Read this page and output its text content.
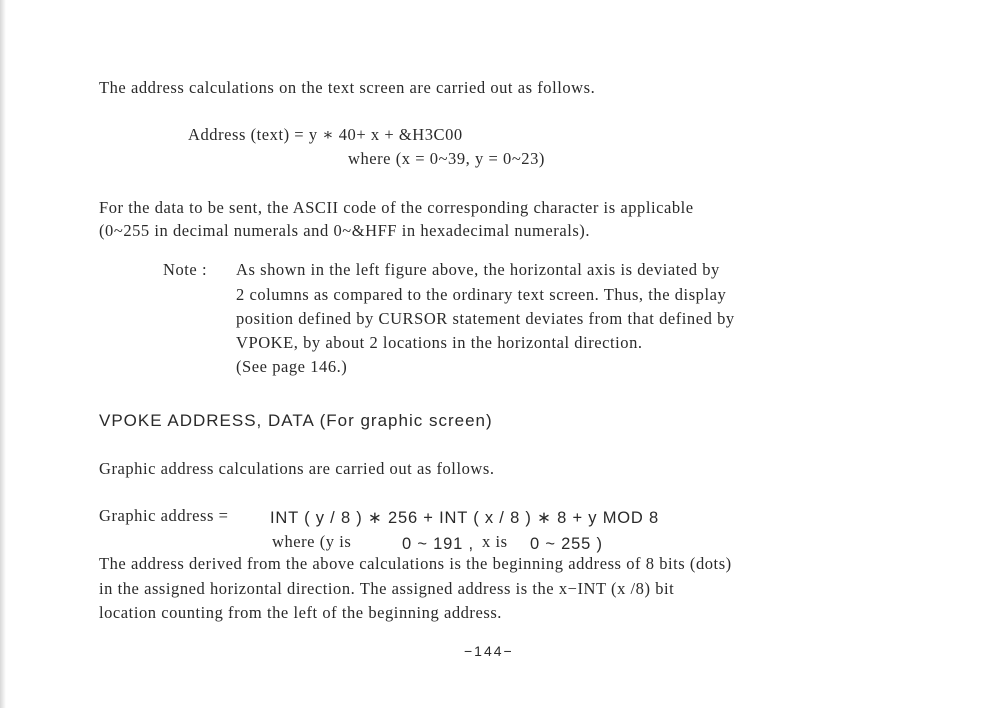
The address calculations on the text screen are carried out as follows.
Address (text) = y ∗ 40+ x + &H3C00
where (x = 0~39, y = 0~23)
For the data to be sent, the ASCII code of the corresponding character is applicable
(0~255 in decimal numerals and 0~&HFF in hexadecimal numerals).
Note : As shown in the left figure above, the horizontal axis is deviated by
2 columns as compared to the ordinary text screen. Thus, the display
position defined by CURSOR statement deviates from that defined by
VPOKE, by about 2 locations in the horizontal direction.
(See page 146.)
VPOKE ADDRESS, DATA (For graphic screen)
Graphic address calculations are carried out as follows.
Graphic address =	INT ( y / 8 ) ∗ 256 + INT ( x / 8 ) ∗ 8 + y MOD 8
where (y is	0 ~ 191 , x is 0 ~ 255 )
The address derived from the above calculations is the beginning address of 8 bits (dots)
in the assigned horizontal direction. The assigned address is the x−INT (x /8) bit
location counting from the left of the beginning address.
−144−
